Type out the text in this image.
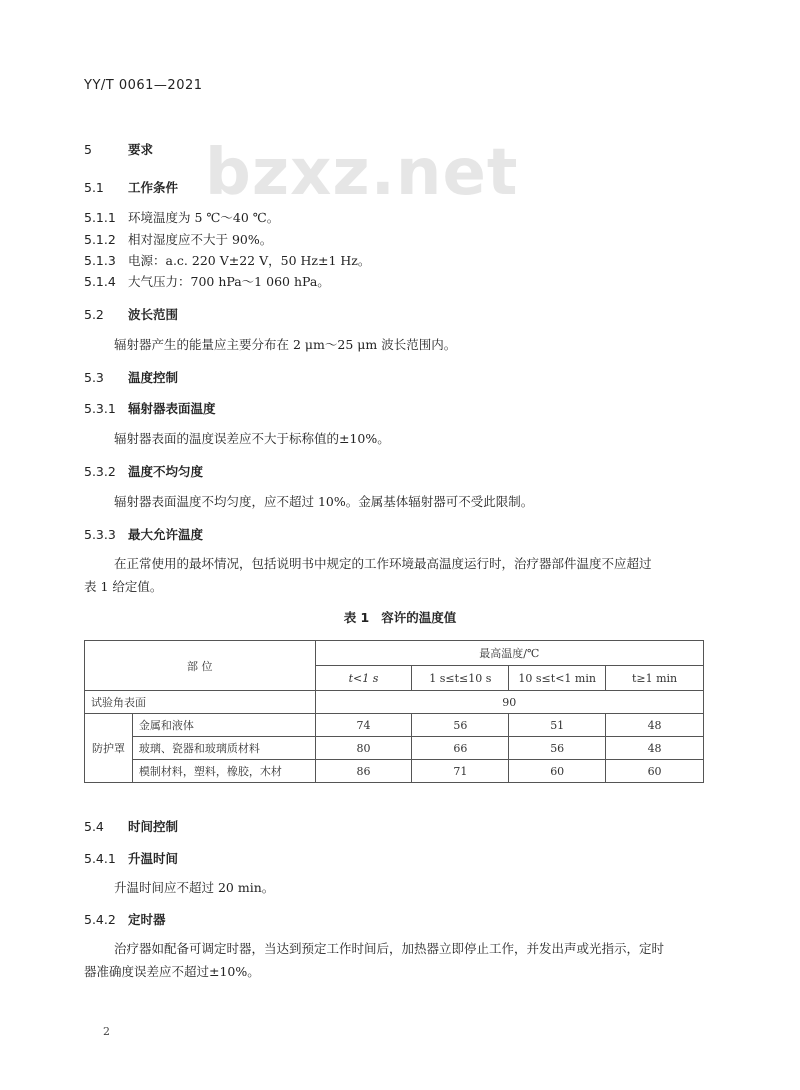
YY/T 0061—2021
bzxz.net
5	要求
5.1 工作条件
5.1.1 环境温度为 5 ℃～40 ℃。
5.1.2 相对湿度应不大于 90%。
5.1.3 电源：a.c. 220 V±22 V，50 Hz±1 Hz。
5.1.4 大气压力：700 hPa～1 060 hPa。
5.2 波长范围
辐射器产生的能量应主要分布在 2 μm～25 μm 波长范围内。
5.3 温度控制
5.3.1 辐射器表面温度
辐射器表面的温度误差应不大于标称值的±10%。
5.3.2 温度不均匀度
辐射器表面温度不均匀度，应不超过 10%。金属基体辐射器可不受此限制。
5.3.3 最大允许温度
在正常使用的最坏情况，包括说明书中规定的工作环境最高温度运行时，治疗器部件温度不应超过
表 1 给定值。
表 1 容许的温度值
部 位		最高温度/℃			
		t<1 s	1 s≤t≤10 s	10 s≤t<1 min	t≥1 min
试验角表面		90			
防护罩	金属和液体	74	56	51	48
	玻璃、瓷器和玻璃质材料	80	66	56	48
	模制材料，塑料，橡胶，木材	86	71	60	60
5.4 时间控制
5.4.1 升温时间
升温时间应不超过 20 min。
5.4.2 定时器
治疗器如配备可调定时器，当达到预定工作时间后，加热器立即停止工作，并发出声或光指示，定时
器准确度误差应不超过±10%。
2
